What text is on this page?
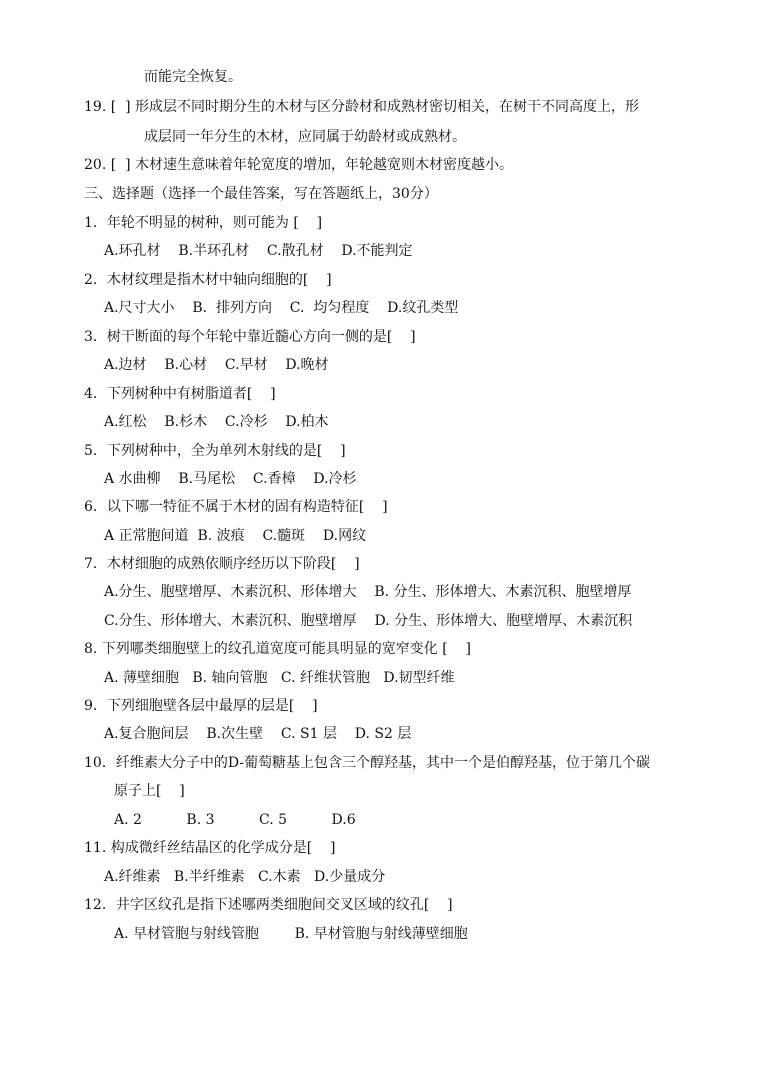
而能完全恢复。
19. [  ] 形成层不同时期分生的木材与区分龄材和成熟材密切相关，在树干不同高度上，形
成层同一年分生的木材，应同属于幼龄材或成熟材。
20. [  ] 木材速生意味着年轮宽度的增加，年轮越宽则木材密度越小。
三、选择题（选择一个最佳答案，写在答题纸上，30分）
1．年轮不明显的树种，则可能为 [    ]
A.环孔材    B.半环孔材    C.散孔材    D.不能判定
2．木材纹理是指木材中轴向细胞的[    ]
A.尺寸大小    B.  排列方向    C.  均匀程度    D.纹孔类型
3．树干断面的每个年轮中靠近髓心方向一侧的是[    ]
A.边材    B.心材    C.早材    D.晚材
4．下列树种中有树脂道者[    ]
A.红松    B.杉木    C.冷杉    D.柏木
5．下列树种中，全为单列木射线的是[    ]
A 水曲柳    B.马尾松    C.香樟    D.冷杉
6．以下哪一特征不属于木材的固有构造特征[    ]
A 正常胞间道  B. 波痕    C.髓斑    D.网纹
7．木材细胞的成熟依顺序经历以下阶段[    ]
A.分生、胞壁增厚、木素沉积、形体增大    B. 分生、形体增大、木素沉积、胞壁增厚
C.分生、形体增大、木素沉积、胞壁增厚    D. 分生、形体增大、胞壁增厚、木素沉积
8. 下列哪类细胞壁上的纹孔道宽度可能具明显的宽窄变化 [    ]
A. 薄壁细胞   B. 轴向管胞   C. 纤维状管胞   D.韧型纤维
9．下列细胞壁各层中最厚的层是[    ]
A.复合胞间层    B.次生壁    C. S1 层    D. S2 层
10．纤维素大分子中的D-葡萄糖基上包含三个醇羟基，其中一个是伯醇羟基，位于第几个碳
原子上[    ]
A. 2          B. 3          C. 5          D.6
11. 构成微纤丝结晶区的化学成分是[    ]
A.纤维素   B.半纤维素   C.木素   D.少量成分
12．井字区纹孔是指下述哪两类细胞间交叉区域的纹孔[    ]
A. 早材管胞与射线管胞        B. 早材管胞与射线薄壁细胞
